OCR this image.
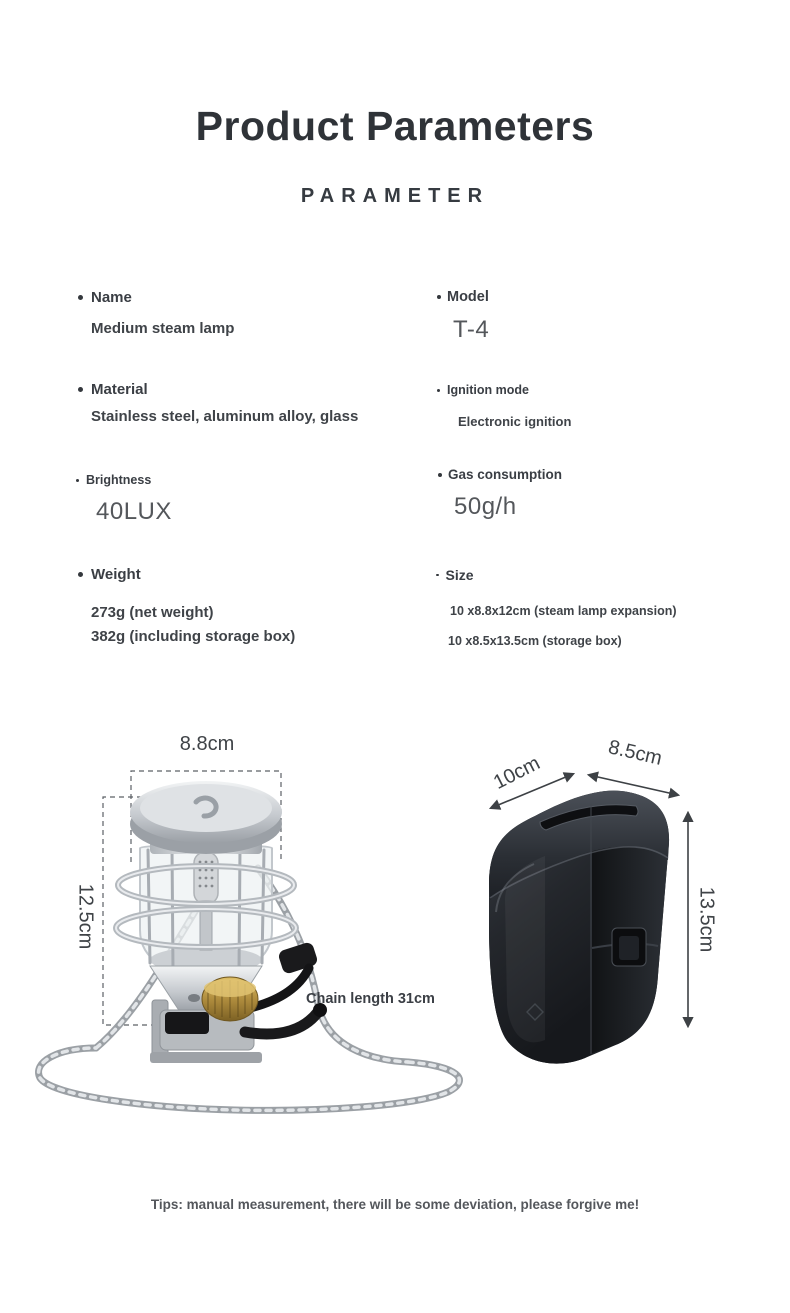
Product Parameters
PARAMETER
Name
Medium steam lamp
Model
T-4
Material
Stainless steel, aluminum alloy, glass
Ignition mode
Electronic ignition
Brightness
40LUX
Gas consumption
50g/h
Weight
273g (net weight)
382g (including storage box)
Size
10 x8.8x12cm (steam lamp expansion)
10 x8.5x13.5cm (storage box)
8.8cm
12.5cm
Chain length 31cm
10cm	8.5cm
13.5cm
Tips: manual measurement, there will be some deviation, please forgive me!
